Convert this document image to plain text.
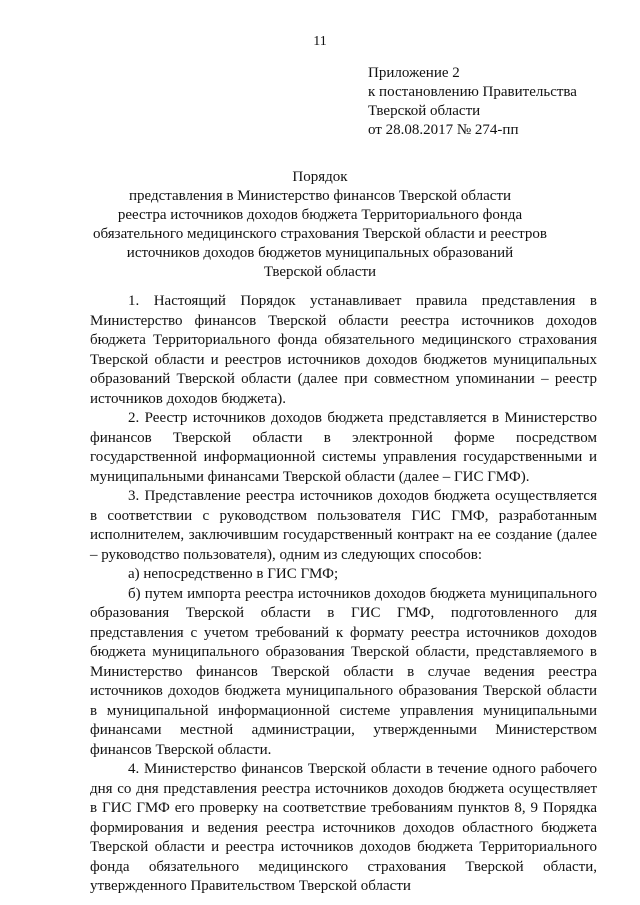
11
Приложение 2
к постановлению Правительства
Тверской области
от 28.08.2017 № 274-пп
Порядок
представления в Министерство финансов Тверской области
реестра источников доходов бюджета Территориального фонда
обязательного медицинского страхования Тверской области и реестров
источников доходов бюджетов муниципальных образований
Тверской области

1. Настоящий Порядок устанавливает правила представления в Министерство финансов Тверской области реестра источников доходов бюджета Территориального фонда обязательного медицинского страхования Тверской области и реестров источников доходов бюджетов муниципальных образований Тверской области (далее при совместном упоминании – реестр источников доходов бюджета).

2. Реестр источников доходов бюджета представляется в Министерство финансов Тверской области в электронной форме посредством государственной информационной системы управления государственными и муниципальными финансами Тверской области (далее – ГИС ГМФ).

3. Представление реестра источников доходов бюджета осуществляется в соответствии с руководством пользователя ГИС ГМФ, разработанным исполнителем, заключившим государственный контракт на ее создание (далее – руководство пользователя), одним из следующих способов:

а) непосредственно в ГИС ГМФ;

б) путем импорта реестра источников доходов бюджета муниципального образования Тверской области в ГИС ГМФ, подготовленного для представления с учетом требований к формату реестра источников доходов бюджета муниципального образования Тверской области, представляемого в Министерство финансов Тверской области в случае ведения реестра источников доходов бюджета муниципального образования Тверской области в муниципальной информационной системе управления муниципальными финансами местной администрации, утвержденными Министерством финансов Тверской области.

4. Министерство финансов Тверской области в течение одного рабочего дня со дня представления реестра источников доходов бюджета осуществляет в ГИС ГМФ его проверку на соответствие требованиям пунктов 8, 9 Порядка формирования и ведения реестра источников доходов областного бюджета Тверской области и реестра источников доходов бюджета Территориального фонда обязательного медицинского страхования Тверской области, утвержденного Правительством Тверской области
